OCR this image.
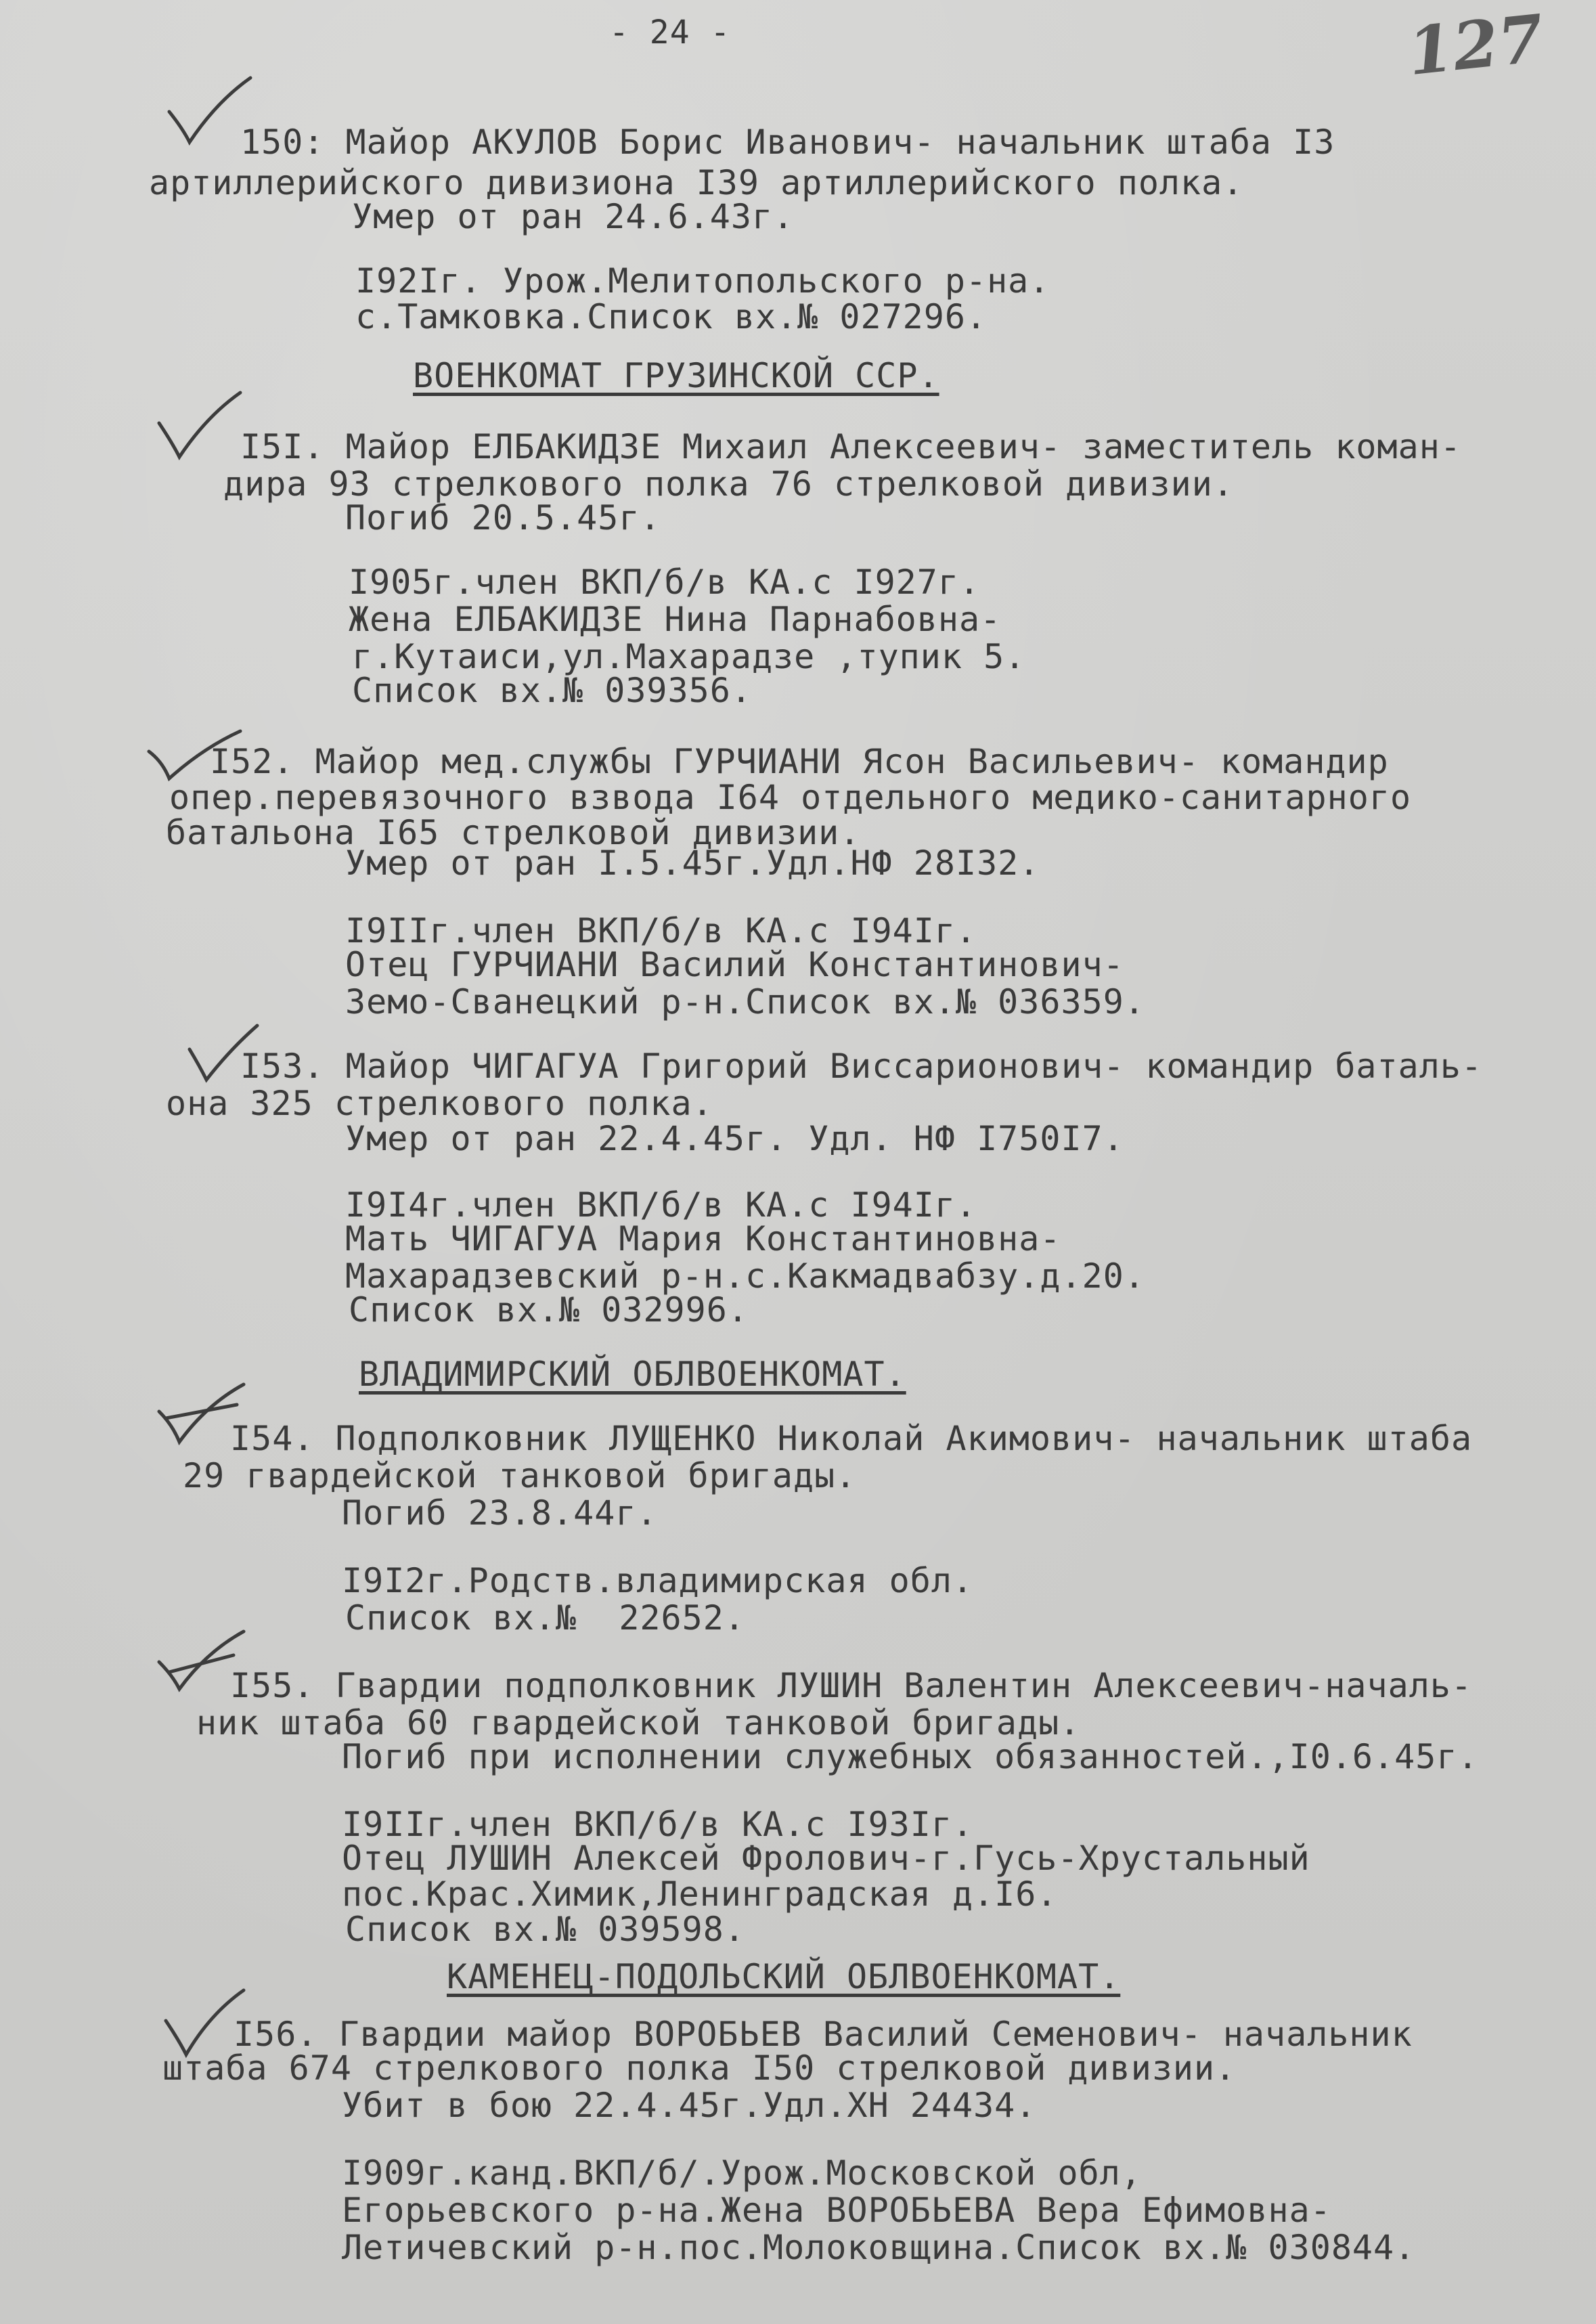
- 24 -	127
150: Майор АКУЛОВ Борис Иванович- начальник штаба I3
артиллерийского дивизиона I39 артиллерийского полка.
Умер от ран 24.6.43г.
I92Iг. Урож.Мелитопольского р-на.
с.Тамковка.Список вх.№ 027296.
ВОЕНКОМАТ ГРУЗИНСКОЙ ССР.
I5I. Майор ЕЛБАКИДЗЕ Михаил Алексеевич- заместитель коман-
дира 93 стрелкового полка 76 стрелковой дивизии.
Погиб 20.5.45г.
I905г.член ВКП/б/в КА.с I927г.
Жена ЕЛБАКИДЗЕ Нина Парнабовна-
г.Кутаиси,ул.Махарадзе ,тупик 5.
Список вх.№ 039356.
I52. Майор мед.службы ГУРЧИАНИ Ясон Васильевич- командир
опер.перевязочного взвода I64 отдельного медико-санитарного
батальона I65 стрелковой дивизии.
Умер от ран I.5.45г.Удл.НФ 28I32.
I9IIг.член ВКП/б/в КА.с I94Iг.
Отец ГУРЧИАНИ Василий Константинович-
Земо-Сванецкий р-н.Список вх.№ 036359.
I53. Майор ЧИГАГУА Григорий Виссарионович- командир баталь-
она 325 стрелкового полка.
Умер от ран 22.4.45г. Удл. НФ I750I7.
I9I4г.член ВКП/б/в КА.с I94Iг.
Мать ЧИГАГУА Мария Константиновна-
Махарадзевский р-н.с.Какмадвабзу.д.20.
Список вх.№ 032996.
ВЛАДИМИРСКИЙ ОБЛВОЕНКОМАТ.
I54. Подполковник ЛУЩЕНКО Николай Акимович- начальник штаба
29 гвардейской танковой бригады.
Погиб 23.8.44г.
I9I2г.Родств.владимирская обл.
Список вх.№  22652.
I55. Гвардии подполковник ЛУШИН Валентин Алексеевич-началь-
ник штаба 60 гвардейской танковой бригады.
Погиб при исполнении служебных обязанностей.,I0.6.45г.
I9IIг.член ВКП/б/в КА.с I93Iг.
Отец ЛУШИН Алексей Фролович-г.Гусь-Хрустальный
пос.Крас.Химик,Ленинградская д.I6.
Список вх.№ 039598.
КАМЕНЕЦ-ПОДОЛЬСКИЙ ОБЛВОЕНКОМАТ.
I56. Гвардии майор ВОРОБЬЕВ Василий Семенович- начальник
штаба 674 стрелкового полка I50 стрелковой дивизии.
Убит в бою 22.4.45г.Удл.ХН 24434.
I909г.канд.ВКП/б/.Урож.Московской обл,
Егорьевского р-на.Жена ВОРОБЬЕВА Вера Ефимовна-
Летичевский р-н.пос.Молоковщина.Список вх.№ 030844.
